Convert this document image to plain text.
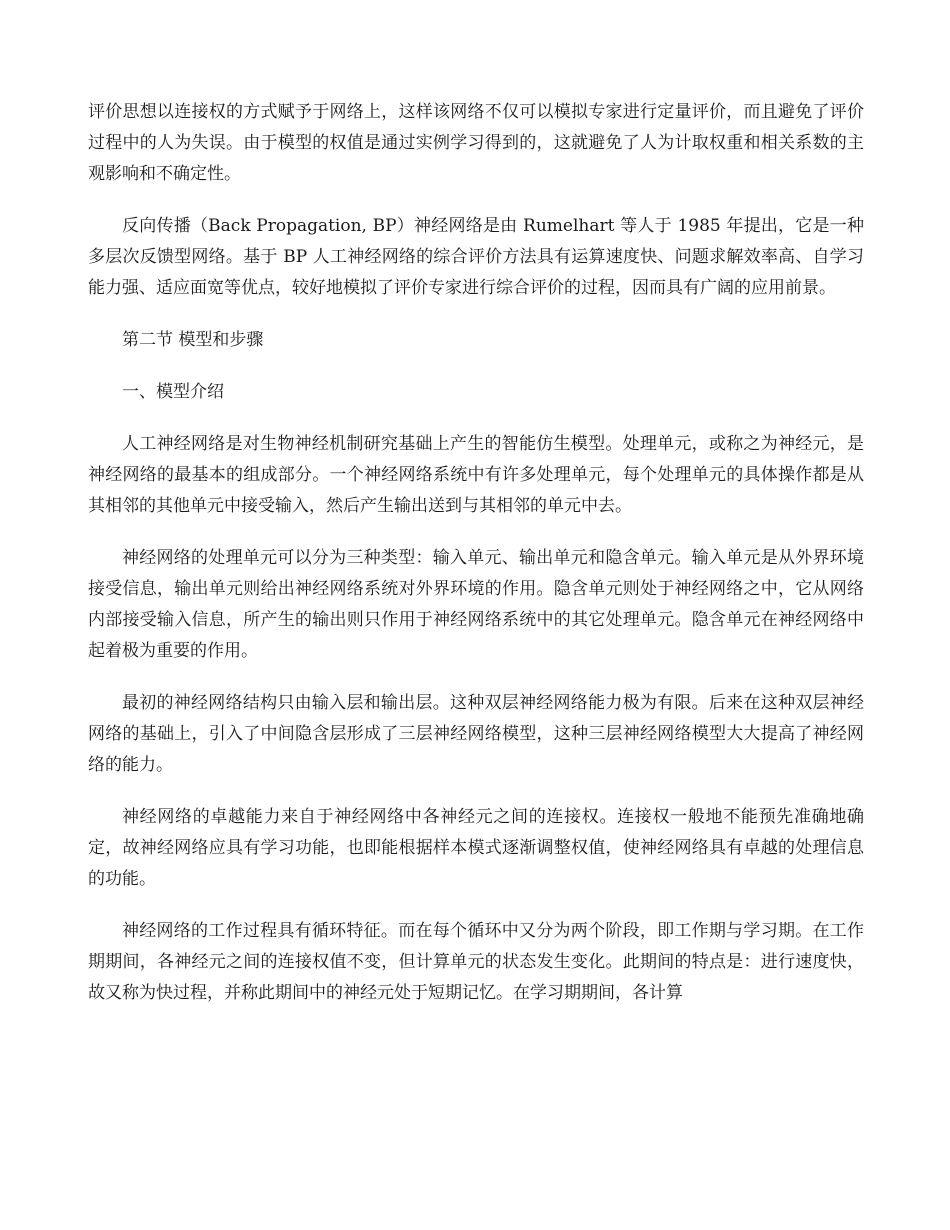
评价思想以连接权的方式赋予于网络上，这样该网络不仅可以模拟专家进行定量评价，而且避免了评价过程中的人为失误。由于模型的权值是通过实例学习得到的，这就避免了人为计取权重和相关系数的主观影响和不确定性。

反向传播（Back Propagation, BP）神经网络是由 Rumelhart 等人于 1985 年提出，它是一种多层次反馈型网络。基于 BP 人工神经网络的综合评价方法具有运算速度快、问题求解效率高、自学习能力强、适应面宽等优点，较好地模拟了评价专家进行综合评价的过程，因而具有广阔的应用前景。

第二节 模型和步骤

一、模型介绍

人工神经网络是对生物神经机制研究基础上产生的智能仿生模型。处理单元，或称之为神经元，是神经网络的最基本的组成部分。一个神经网络系统中有许多处理单元，每个处理单元的具体操作都是从其相邻的其他单元中接受输入，然后产生输出送到与其相邻的单元中去。

神经网络的处理单元可以分为三种类型：输入单元、输出单元和隐含单元。输入单元是从外界环境接受信息，输出单元则给出神经网络系统对外界环境的作用。隐含单元则处于神经网络之中，它从网络内部接受输入信息，所产生的输出则只作用于神经网络系统中的其它处理单元。隐含单元在神经网络中起着极为重要的作用。

最初的神经网络结构只由输入层和输出层。这种双层神经网络能力极为有限。后来在这种双层神经网络的基础上，引入了中间隐含层形成了三层神经网络模型，这种三层神经网络模型大大提高了神经网络的能力。

神经网络的卓越能力来自于神经网络中各神经元之间的连接权。连接权一般地不能预先准确地确定，故神经网络应具有学习功能，也即能根据样本模式逐渐调整权值，使神经网络具有卓越的处理信息的功能。

神经网络的工作过程具有循环特征。而在每个循环中又分为两个阶段，即工作期与学习期。在工作期期间，各神经元之间的连接权值不变，但计算单元的状态发生变化。此期间的特点是：进行速度快，故又称为快过程，并称此期间中的神经元处于短期记忆。在学习期期间，各计算
